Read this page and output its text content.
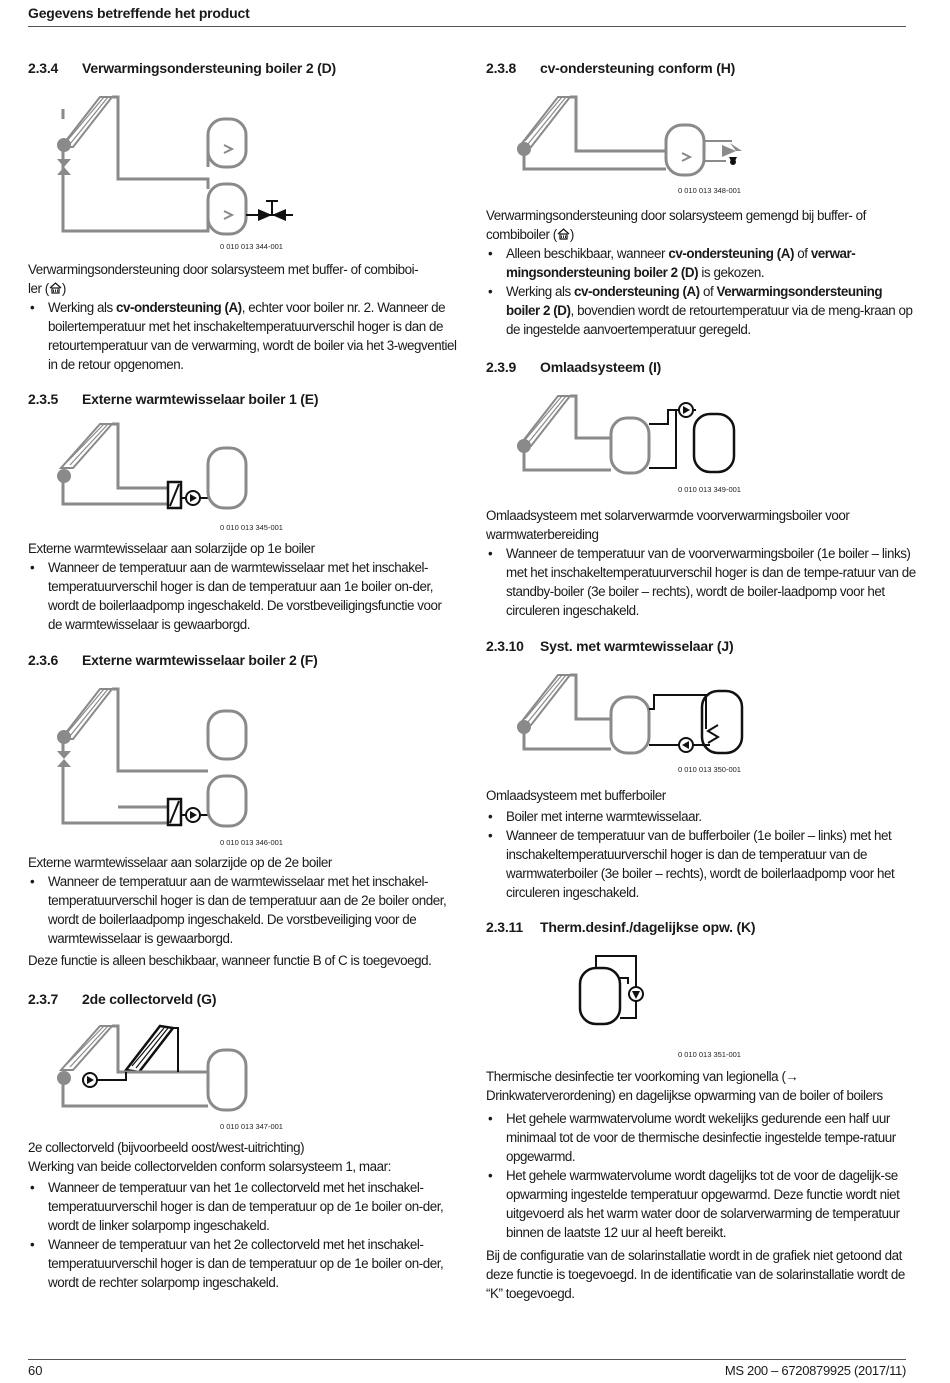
Gegevens betreffende het product
2.3.4 Verwarmingsondersteuning boiler 2 (D)
0 010 013 344-001

Verwarmingsondersteuning door solarsysteem met buffer- of combiboi-
ler ( )

• Werking als cv-ondersteuning (A), echter voor boiler nr. 2. Wanneer de boilertemperatuur met het inschakeltemperatuurverschil hoger is dan de retourtemperatuur van de verwarming, wordt de boiler via het 3-wegventiel in de retour opgenomen.
2.3.5 Externe warmtewisselaar boiler 1 (E)
0 010 013 345-001

Externe warmtewisselaar aan solarzijde op 1e boiler

• Wanneer de temperatuur aan de warmtewisselaar met het inschakel-temperatuurverschil hoger is dan de temperatuur aan 1e boiler on-der, wordt de boilerlaadpomp ingeschakeld. De vorstbeveiligingsfunctie voor de warmtewisselaar is gewaarborgd.
2.3.6 Externe warmtewisselaar boiler 2 (F)
0 010 013 346-001

Externe warmtewisselaar aan solarzijde op de 2e boiler

• Wanneer de temperatuur aan de warmtewisselaar met het inschakel-temperatuurverschil hoger is dan de temperatuur aan de 2e boiler onder, wordt de boilerlaadpomp ingeschakeld. De vorstbeveiliging voor de warmtewisselaar is gewaarborgd.

Deze functie is alleen beschikbaar, wanneer functie B of C is toegevoegd.

2.3.7 2de collectorveld (G)
0 010 013 347-001

2e collectorveld (bijvoorbeeld oost/west-uitrichting)

Werking van beide collectorvelden conform solarsysteem 1, maar:

• Wanneer de temperatuur van het 1e collectorveld met het inschakel-temperatuurverschil hoger is dan de temperatuur op de 1e boiler on-der, wordt de linker solarpomp ingeschakeld.
• Wanneer de temperatuur van het 2e collectorveld met het inschakel-temperatuurverschil hoger is dan de temperatuur op de 1e boiler on-der, wordt de rechter solarpomp ingeschakeld.
2.3.8 cv-ondersteuning conform (H)
0 010 013 348-001

Verwarmingsondersteuning door solarsysteem gemengd bij buffer- of
combiboiler ( )

• Alleen beschikbaar, wanneer cv-ondersteuning (A) of verwar-mingsondersteuning boiler 2 (D) is gekozen.
• Werking als cv-ondersteuning (A) of Verwarmingsondersteuning boiler 2 (D), bovendien wordt de retourtemperatuur via de meng-kraan op de ingestelde aanvoertemperatuur geregeld.
2.3.9 Omlaadsysteem (I)
0 010 013 349-001

Omlaadsysteem met solarverwarmde voorverwarmingsboiler voor warmwaterbereiding

• Wanneer de temperatuur van de voorverwarmingsboiler (1e boiler – links) met het inschakeltemperatuurverschil hoger is dan de tempe-ratuur van de standby-boiler (3e boiler – rechts), wordt de boiler-laadpomp voor het circuleren ingeschakeld.
2.3.10 Syst. met warmtewisselaar (J)
0 010 013 350-001

Omlaadsysteem met bufferboiler

• Boiler met interne warmtewisselaar.
• Wanneer de temperatuur van de bufferboiler (1e boiler – links) met het inschakeltemperatuurverschil hoger is dan de temperatuur van de warmwaterboiler (3e boiler – rechts), wordt de boilerlaadpomp voor het circuleren ingeschakeld.
2.3.11 Therm.desinf./dagelijkse opw. (K)
0 010 013 351-001

Thermische desinfectie ter voorkoming van legionella (→ Drinkwaterverordening) en dagelijkse opwarming van de boiler of boilers

• Het gehele warmwatervolume wordt wekelijks gedurende een half uur minimaal tot de voor de thermische desinfectie ingestelde tempe-ratuur opgewarmd.
• Het gehele warmwatervolume wordt dagelijks tot de voor de dagelijk-se opwarming ingestelde temperatuur opgewarmd. Deze functie wordt niet uitgevoerd als het warm water door de solarverwarming de temperatuur binnen de laatste 12 uur al heeft bereikt.

Bij de configuratie van de solarinstallatie wordt in de grafiek niet getoond dat deze functie is toegevoegd. In de identificatie van de solarinstallatie wordt de “K” toegevoegd.

60	MS 200 – 6720879925 (2017/11)
